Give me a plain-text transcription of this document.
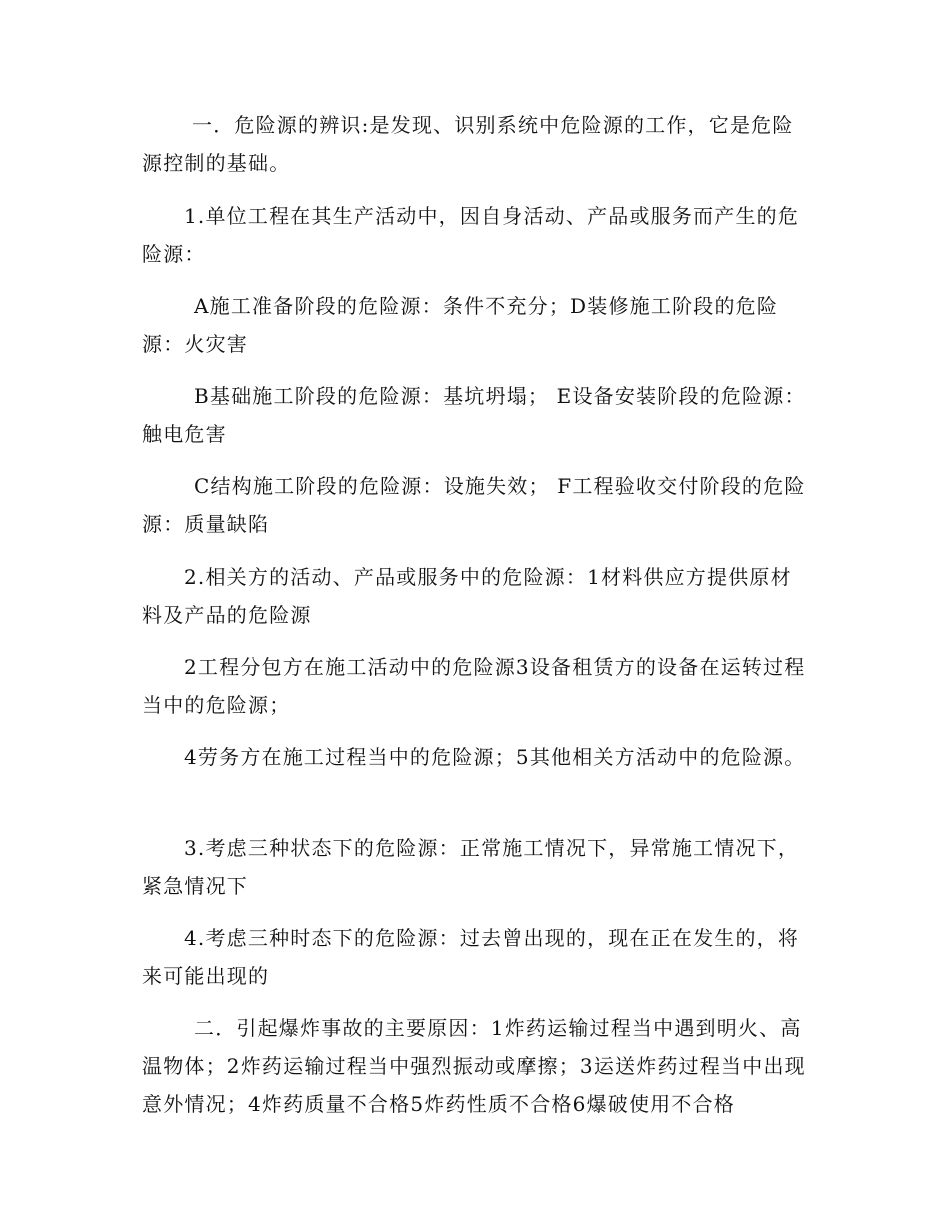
一．危险源的辨识:是发现、识别系统中危险源的工作，它是危险源控制的基础。
1.单位工程在其生产活动中，因自身活动、产品或服务而产生的危险源：
A施工准备阶段的危险源：条件不充分；D装修施工阶段的危险源：火灾害
B基础施工阶段的危险源：基坑坍塌； E设备安装阶段的危险源：触电危害
C结构施工阶段的危险源：设施失效； F工程验收交付阶段的危险源：质量缺陷
2.相关方的活动、产品或服务中的危险源：1材料供应方提供原材料及产品的危险源
2工程分包方在施工活动中的危险源3设备租赁方的设备在运转过程当中的危险源；
4劳务方在施工过程当中的危险源；5其他相关方活动中的危险源。
3.考虑三种状态下的危险源：正常施工情况下，异常施工情况下，紧急情况下
4.考虑三种时态下的危险源：过去曾出现的，现在正在发生的，将来可能出现的
二．引起爆炸事故的主要原因：1炸药运输过程当中遇到明火、高温物体；2炸药运输过程当中强烈振动或摩擦；3运送炸药过程当中出现意外情况；4炸药质量不合格5炸药性质不合格6爆破使用不合格
